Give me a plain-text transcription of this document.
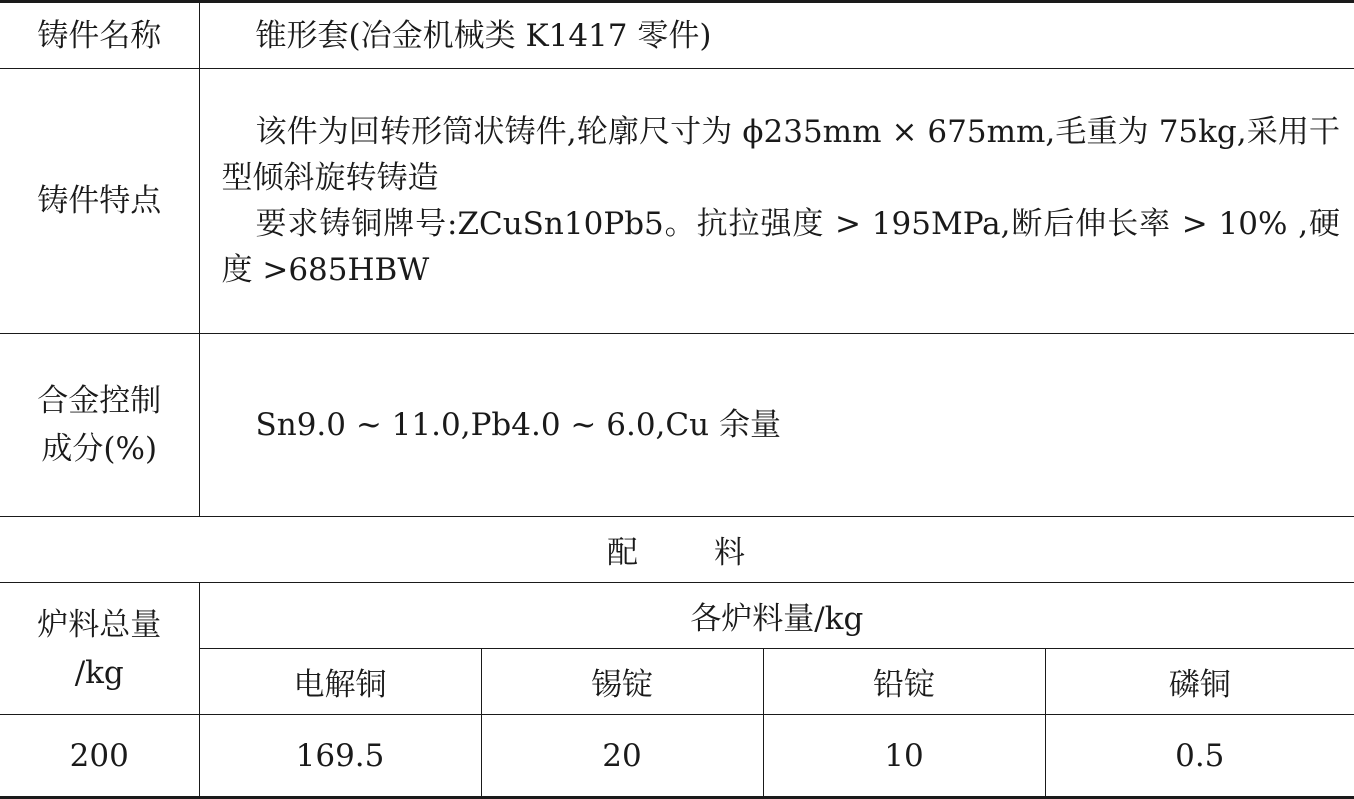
铸件名称	锥形套(冶金机械类 K1417 零件)			
铸件特点	该件为回转形筒状铸件,轮廓尺寸为 ϕ235mm × 675mm,毛重为 75kg,采用干型倾斜旋转铸造

要求铸铜牌号:ZCuSn10Pb5。抗拉强度 > 195MPa,断后伸长率 > 10% ,硬度 >685HBW			

合金控制
成分(%)	Sn9.0 ~ 11.0,Pb4.0 ~ 6.0,Cu 余量			

配 料				

炉料总量
/kg	各炉料量/kg			
	电解铜	锡锭	铅锭	磷铜
200	169.5	20	10	0.5
